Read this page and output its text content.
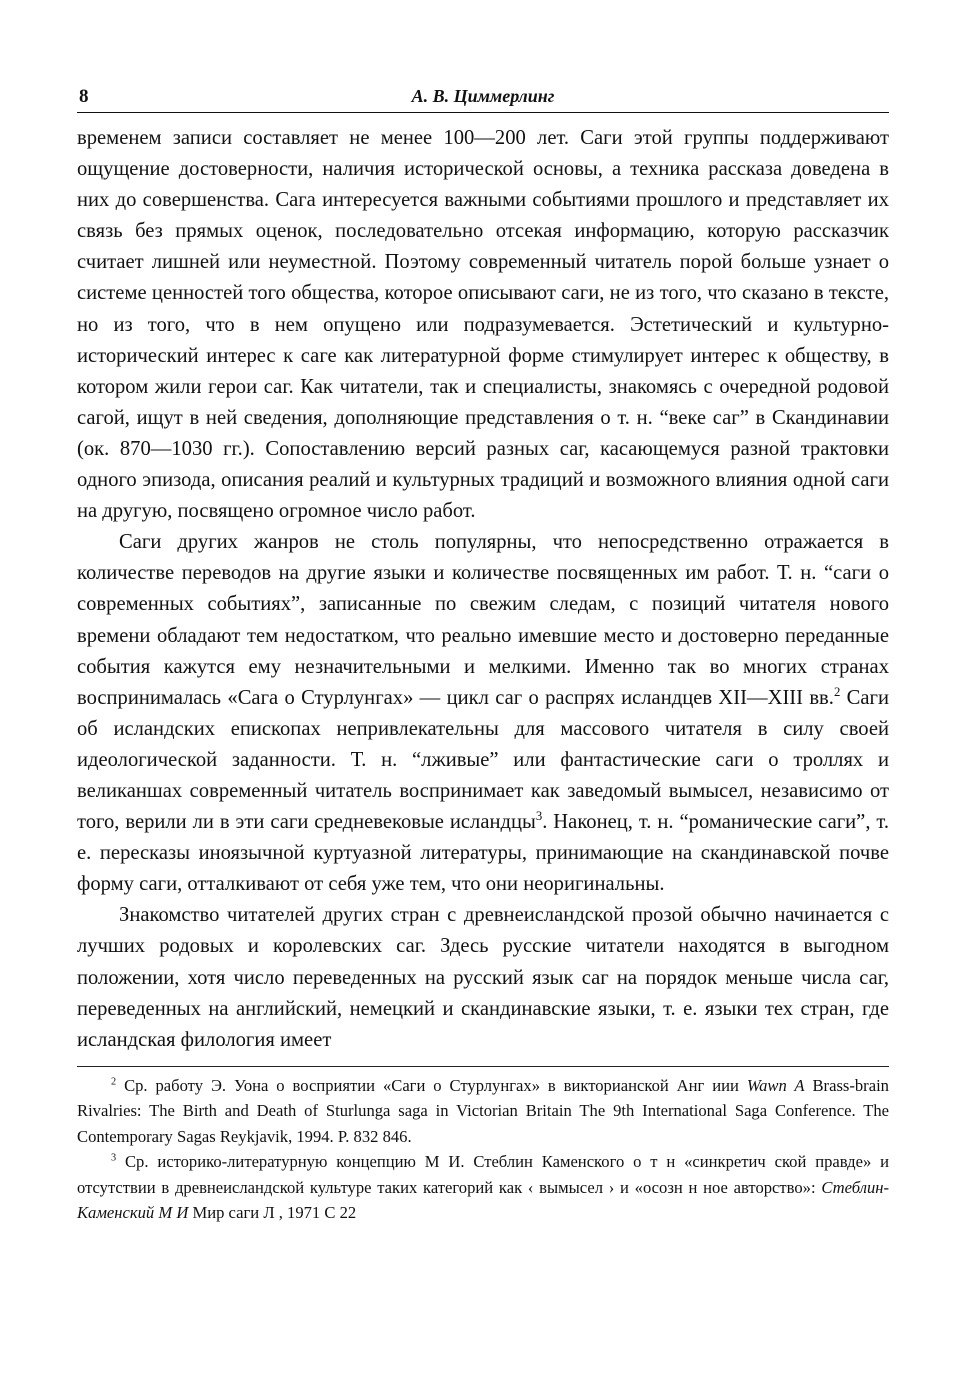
8	А. В. Циммерлинг

временем записи составляет не менее 100—200 лет. Саги этой группы поддерживают ощущение достоверности, наличия исторической основы, а техника рассказа доведена в них до совершенства. Сага интересуется важными событиями прошлого и представляет их связь без прямых оценок, последовательно отсекая информацию, которую рассказчик считает лишней или неуместной. Поэтому современный читатель порой больше узнает о системе ценностей того общества, которое описывают саги, не из того, что сказано в тексте, но из того, что в нем опущено или подразумевается. Эстетический и культурно-исторический интерес к саге как литературной форме стимулирует интерес к обществу, в котором жили герои саг. Как читатели, так и специалисты, знакомясь с очередной родовой сагой, ищут в ней сведения, дополняющие представления о т. н. “веке саг” в Скандинавии (ок. 870—1030 гг.). Сопоставлению версий разных саг, касающемуся разной трактовки одного эпизода, описания реалий и культурных традиций и возможного влияния одной саги на другую, посвящено огромное число работ.

Саги других жанров не столь популярны, что непосредственно отражается в количестве переводов на другие языки и количестве посвященных им работ. Т. н. “саги о современных событиях”, записанные по свежим следам, с позиций читателя нового времени обладают тем недостатком, что реально имевшие место и достоверно переданные события кажутся ему незначительными и мелкими. Именно так во многих странах воспринималась «Сага о Стурлунгах» — цикл саг о распрях исландцев XII—XIII вв.$^2$ Саги об исландских епископах непривлекательны для массового читателя в силу своей идеологической заданности. Т. н. “лживые” или фантастические саги о троллях и великаншах современный читатель воспринимает как заведомый вымысел, независимо от того, верили ли в эти саги средневековые исландцы$^3$. Наконец, т. н. “романические саги”, т. е. пересказы иноязычной куртуазной литературы, принимающие на скандинавской почве форму саги, отталкивают от себя уже тем, что они неоригинальны.

Знакомство читателей других стран с древнеисландской прозой обычно начинается с лучших родовых и королевских саг. Здесь русские читатели находятся в выгодном положении, хотя число переведенных на русский язык саг на порядок меньше числа саг, переведенных на английский, немецкий и скандинавские языки, т. е. языки тех стран, где исландская филология имеет

$^2$ Ср. работу Э. Уона о восприятии «Саги о Стурлунгах» в викторианской Анг иии Wawn A Brass-brain Rivalries: The Birth and Death of Sturlunga saga in Victorian Britain The 9th International Saga Conference. The Contemporary Sagas Reykjavik, 1994. P. 832 846.

$^3$ Ср. историко-литературную концепцию М И. Стеблин Каменского о т н «синкретич ской правде» и отсутствии в древнеисландской культуре таких категорий как ‹ вымысел › и «осозн н ное авторство»: Стеблин-Каменский М И Мир саги Л , 1971 С 22
